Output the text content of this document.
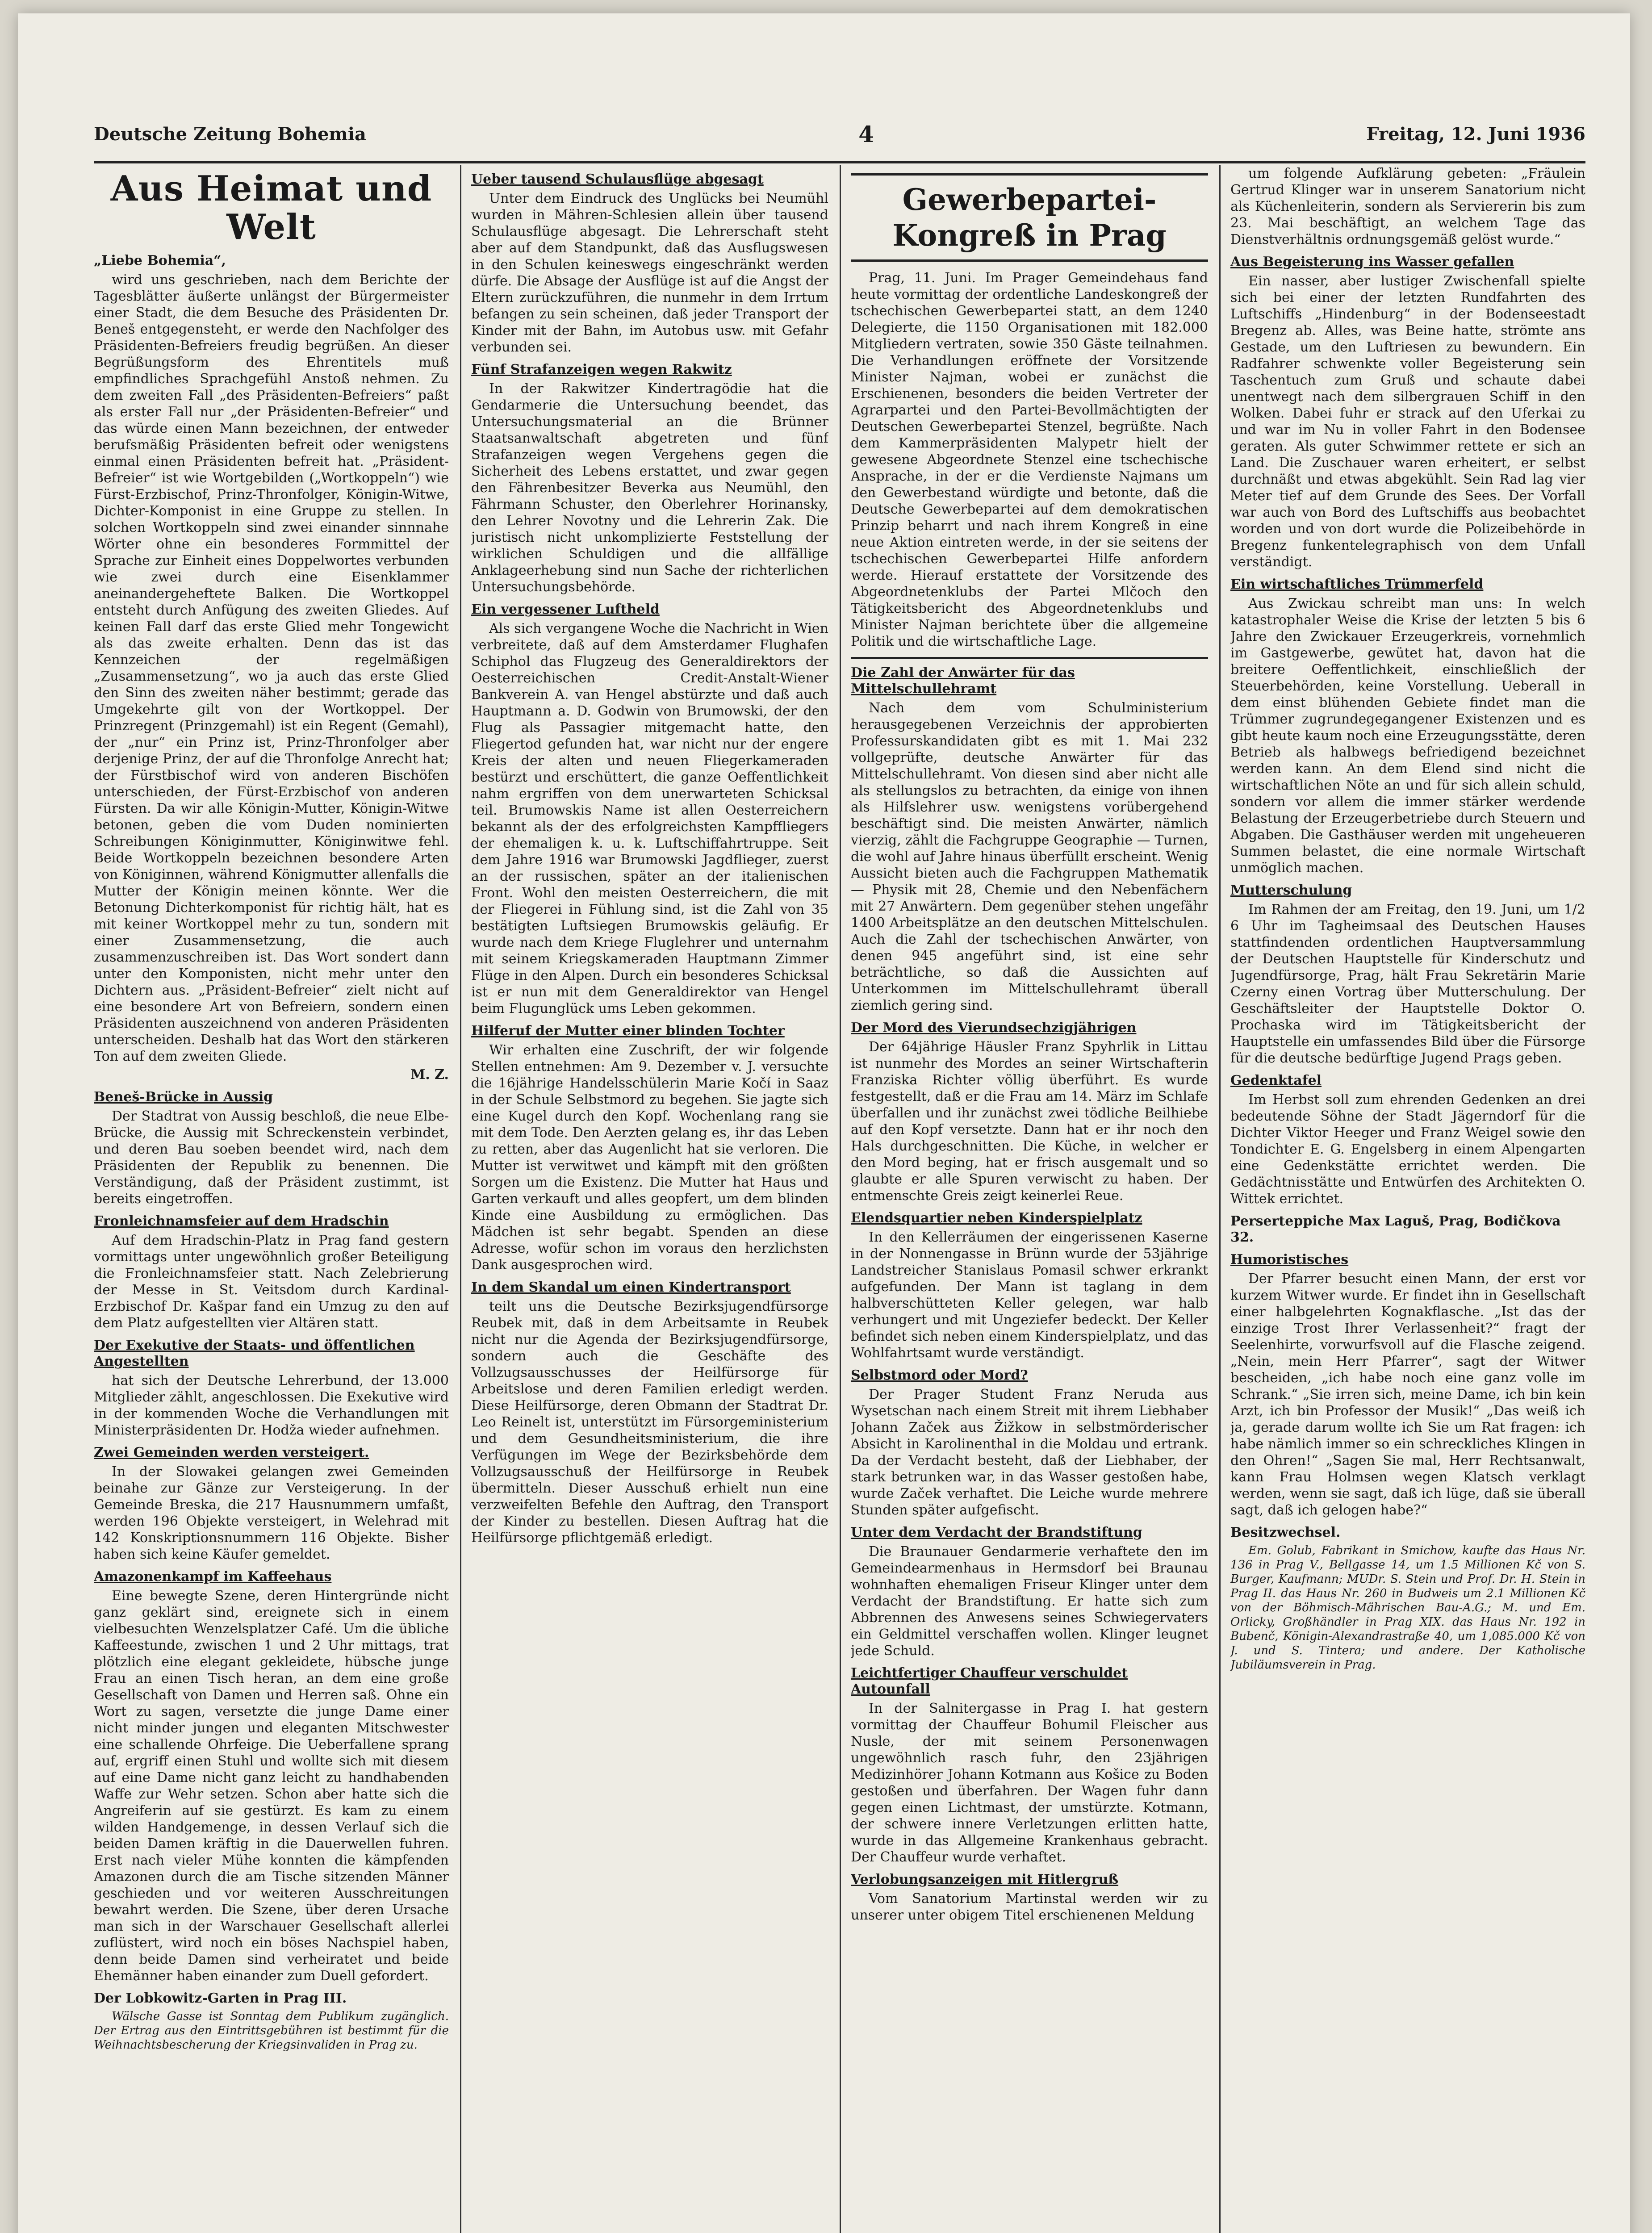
Deutsche Zeitung Bohemia	4	Freitag, 12. Juni 1936
Aus Heimat und Welt
„Liebe Bohemia“,

wird uns geschrieben, nach dem Berichte der Tagesblätter äußerte unlängst der Bürgermeister einer Stadt, die dem Besuche des Präsidenten Dr. Beneš entgegensteht, er werde den Nachfolger des Präsidenten-Befreiers freudig begrüßen. An dieser Begrüßungsform des Ehrentitels muß empfindliches Sprachgefühl Anstoß nehmen. Zu dem zweiten Fall „des Präsidenten-Befreiers“ paßt als erster Fall nur „der Präsidenten-Befreier“ und das würde einen Mann bezeichnen, der entweder berufsmäßig Präsidenten befreit oder wenigstens einmal einen Präsidenten befreit hat. „Präsident-Befreier“ ist wie Wortgebilden („Wortkoppeln“) wie Fürst-Erzbischof, Prinz-Thronfolger, Königin-Witwe, Dichter-Komponist in eine Gruppe zu stellen. In solchen Wortkoppeln sind zwei einander sinnnahe Wörter ohne ein besonderes Formmittel der Sprache zur Einheit eines Doppelwortes verbunden wie zwei durch eine Eisenklammer aneinandergeheftete Balken. Die Wortkoppel entsteht durch Anfügung des zweiten Gliedes. Auf keinen Fall darf das erste Glied mehr Tongewicht als das zweite erhalten. Denn das ist das Kennzeichen der regelmäßigen „Zusammensetzung“, wo ja auch das erste Glied den Sinn des zweiten näher bestimmt; gerade das Umgekehrte gilt von der Wortkoppel. Der Prinzregent (Prinzgemahl) ist ein Regent (Gemahl), der „nur“ ein Prinz ist, Prinz-Thronfolger aber derjenige Prinz, der auf die Thronfolge Anrecht hat; der Fürstbischof wird von anderen Bischöfen unterschieden, der Fürst-Erzbischof von anderen Fürsten. Da wir alle Königin-Mutter, Königin-Witwe betonen, geben die vom Duden nominierten Schreibungen Königinmutter, Königinwitwe fehl. Beide Wortkoppeln bezeichnen besondere Arten von Königinnen, während Königmutter allenfalls die Mutter der Königin meinen könnte. Wer die Betonung Dichterkomponist für richtig hält, hat es mit keiner Wortkoppel mehr zu tun, sondern mit einer Zusammensetzung, die auch zusammenzuschreiben ist. Das Wort sondert dann unter den Komponisten, nicht mehr unter den Dichtern aus. „Präsident-Befreier“ zielt nicht auf eine besondere Art von Befreiern, sondern einen Präsidenten auszeichnend von anderen Präsidenten unterscheiden. Deshalb hat das Wort den stärkeren Ton auf dem zweiten Gliede.

M. Z.
Beneš-Brücke in Aussig

Der Stadtrat von Aussig beschloß, die neue Elbe-Brücke, die Aussig mit Schreckenstein verbindet, und deren Bau soeben beendet wird, nach dem Präsidenten der Republik zu benennen. Die Verständigung, daß der Präsident zustimmt, ist bereits eingetroffen.

Fronleichnamsfeier auf dem Hradschin

Auf dem Hradschin-Platz in Prag fand gestern vormittags unter ungewöhnlich großer Beteiligung die Fronleichnamsfeier statt. Nach Zelebrierung der Messe in St. Veitsdom durch Kardinal-Erzbischof Dr. Kašpar fand ein Umzug zu den auf dem Platz aufgestellten vier Altären statt.

Der Exekutive der Staats- und öffentlichen Angestellten

hat sich der Deutsche Lehrerbund, der 13.000 Mitglieder zählt, angeschlossen. Die Exekutive wird in der kommenden Woche die Verhandlungen mit Ministerpräsidenten Dr. Hodža wieder aufnehmen.

Zwei Gemeinden werden versteigert.

In der Slowakei gelangen zwei Gemeinden beinahe zur Gänze zur Versteigerung. In der Gemeinde Breska, die 217 Hausnummern umfaßt, werden 196 Objekte versteigert, in Welehrad mit 142 Konskriptionsnummern 116 Objekte. Bisher haben sich keine Käufer gemeldet.

Amazonenkampf im Kaffeehaus

Eine bewegte Szene, deren Hintergründe nicht ganz geklärt sind, ereignete sich in einem vielbesuchten Wenzelsplatzer Café. Um die übliche Kaffeestunde, zwischen 1 und 2 Uhr mittags, trat plötzlich eine elegant gekleidete, hübsche junge Frau an einen Tisch heran, an dem eine große Gesellschaft von Damen und Herren saß. Ohne ein Wort zu sagen, versetzte die junge Dame einer nicht minder jungen und eleganten Mitschwester eine schallende Ohrfeige. Die Ueberfallene sprang auf, ergriff einen Stuhl und wollte sich mit diesem auf eine Dame nicht ganz leicht zu handhabenden Waffe zur Wehr setzen. Schon aber hatte sich die Angreiferin auf sie gestürzt. Es kam zu einem wilden Handgemenge, in dessen Verlauf sich die beiden Damen kräftig in die Dauerwellen fuhren. Erst nach vieler Mühe konnten die kämpfenden Amazonen durch die am Tische sitzenden Männer geschieden und vor weiteren Ausschreitungen bewahrt werden. Die Szene, über deren Ursache man sich in der Warschauer Gesellschaft allerlei zuflüstert, wird noch ein böses Nachspiel haben, denn beide Damen sind verheiratet und beide Ehemänner haben einander zum Duell gefordert.

Der Lobkowitz-Garten in Prag III.

Wälsche Gasse ist Sonntag dem Publikum zugänglich. Der Ertrag aus den Eintrittsgebühren ist bestimmt für die Weihnachtsbescherung der Kriegsinvaliden in Prag zu.

Ueber tausend Schulausflüge abgesagt

Unter dem Eindruck des Unglücks bei Neumühl wurden in Mähren-Schlesien allein über tausend Schulausflüge abgesagt. Die Lehrerschaft steht aber auf dem Standpunkt, daß das Ausflugswesen in den Schulen keineswegs eingeschränkt werden dürfe. Die Absage der Ausflüge ist auf die Angst der Eltern zurückzuführen, die nunmehr in dem Irrtum befangen zu sein scheinen, daß jeder Transport der Kinder mit der Bahn, im Autobus usw. mit Gefahr verbunden sei.

Fünf Strafanzeigen wegen Rakwitz

In der Rakwitzer Kindertragödie hat die Gendarmerie die Untersuchung beendet, das Untersuchungsmaterial an die Brünner Staatsanwaltschaft abgetreten und fünf Strafanzeigen wegen Vergehens gegen die Sicherheit des Lebens erstattet, und zwar gegen den Fährenbesitzer Beverka aus Neumühl, den Fährmann Schuster, den Oberlehrer Horinansky, den Lehrer Novotny und die Lehrerin Zak. Die juristisch nicht unkomplizierte Feststellung der wirklichen Schuldigen und die allfällige Anklageerhebung sind nun Sache der richterlichen Untersuchungsbehörde.

Ein vergessener Luftheld

Als sich vergangene Woche die Nachricht in Wien verbreitete, daß auf dem Amsterdamer Flughafen Schiphol das Flugzeug des Generaldirektors der Oesterreichischen Credit-Anstalt-Wiener Bankverein A. van Hengel abstürzte und daß auch Hauptmann a. D. Godwin von Brumowski, der den Flug als Passagier mitgemacht hatte, den Fliegertod gefunden hat, war nicht nur der engere Kreis der alten und neuen Fliegerkameraden bestürzt und erschüttert, die ganze Oeffentlichkeit nahm ergriffen von dem unerwarteten Schicksal teil. Brumowskis Name ist allen Oesterreichern bekannt als der des erfolgreichsten Kampffliegers der ehemaligen k. u. k. Luftschiffahrtruppe. Seit dem Jahre 1916 war Brumowski Jagdflieger, zuerst an der russischen, später an der italienischen Front. Wohl den meisten Oesterreichern, die mit der Fliegerei in Fühlung sind, ist die Zahl von 35 bestätigten Luftsiegen Brumowskis geläufig. Er wurde nach dem Kriege Fluglehrer und unternahm mit seinem Kriegskameraden Hauptmann Zimmer Flüge in den Alpen. Durch ein besonderes Schicksal ist er nun mit dem Generaldirektor van Hengel beim Flugunglück ums Leben gekommen.

Hilferuf der Mutter einer blinden Tochter

Wir erhalten eine Zuschrift, der wir folgende Stellen entnehmen: Am 9. Dezember v. J. versuchte die 16jährige Handelsschülerin Marie Kočí in Saaz in der Schule Selbstmord zu begehen. Sie jagte sich eine Kugel durch den Kopf. Wochenlang rang sie mit dem Tode. Den Aerzten gelang es, ihr das Leben zu retten, aber das Augenlicht hat sie verloren. Die Mutter ist verwitwet und kämpft mit den größten Sorgen um die Existenz. Die Mutter hat Haus und Garten verkauft und alles geopfert, um dem blinden Kinde eine Ausbildung zu ermöglichen. Das Mädchen ist sehr begabt. Spenden an diese Adresse, wofür schon im voraus den herzlichsten Dank ausgesprochen wird.

In dem Skandal um einen Kindertransport

teilt uns die Deutsche Bezirksjugendfürsorge Reubek mit, daß in dem Arbeitsamte in Reubek nicht nur die Agenda der Bezirksjugendfürsorge, sondern auch die Geschäfte des Vollzugsausschusses der Heilfürsorge für Arbeitslose und deren Familien erledigt werden. Diese Heilfürsorge, deren Obmann der Stadtrat Dr. Leo Reinelt ist, unterstützt im Fürsorgeministerium und dem Gesundheitsministerium, die ihre Verfügungen im Wege der Bezirksbehörde dem Vollzugsausschuß der Heilfürsorge in Reubek übermitteln. Dieser Ausschuß erhielt nun eine verzweifelten Befehle den Auftrag, den Transport der Kinder zu bestellen. Diesen Auftrag hat die Heilfürsorge pflichtgemäß erledigt.

Gewerbepartei-Kongreß in Prag

Prag, 11. Juni. Im Prager Gemeindehaus fand heute vormittag der ordentliche Landeskongreß der tschechischen Gewerbepartei statt, an dem 1240 Delegierte, die 1150 Organisationen mit 182.000 Mitgliedern vertraten, sowie 350 Gäste teilnahmen. Die Verhandlungen eröffnete der Vorsitzende Minister Najman, wobei er zunächst die Erschienenen, besonders die beiden Vertreter der Agrarpartei und den Partei-Bevollmächtigten der Deutschen Gewerbepartei Stenzel, begrüßte. Nach dem Kammerpräsidenten Malypetr hielt der gewesene Abgeordnete Stenzel eine tschechische Ansprache, in der er die Verdienste Najmans um den Gewerbestand würdigte und betonte, daß die Deutsche Gewerbepartei auf dem demokratischen Prinzip beharrt und nach ihrem Kongreß in eine neue Aktion eintreten werde, in der sie seitens der tschechischen Gewerbepartei Hilfe anfordern werde. Hierauf erstattete der Vorsitzende des Abgeordnetenklubs der Partei Mlčoch den Tätigkeitsbericht des Abgeordnetenklubs und Minister Najman berichtete über die allgemeine Politik und die wirtschaftliche Lage.

Die Zahl der Anwärter für das Mittelschullehramt

Nach dem vom Schulministerium herausgegebenen Verzeichnis der approbierten Professurskandidaten gibt es mit 1. Mai 232 vollgeprüfte, deutsche Anwärter für das Mittelschullehramt. Von diesen sind aber nicht alle als stellungslos zu betrachten, da einige von ihnen als Hilfslehrer usw. wenigstens vorübergehend beschäftigt sind. Die meisten Anwärter, nämlich vierzig, zählt die Fachgruppe Geographie — Turnen, die wohl auf Jahre hinaus überfüllt erscheint. Wenig Aussicht bieten auch die Fachgruppen Mathematik — Physik mit 28, Chemie und den Nebenfächern mit 27 Anwärtern. Dem gegenüber stehen ungefähr 1400 Arbeitsplätze an den deutschen Mittelschulen. Auch die Zahl der tschechischen Anwärter, von denen 945 angeführt sind, ist eine sehr beträchtliche, so daß die Aussichten auf Unterkommen im Mittelschullehramt überall ziemlich gering sind.

Der Mord des Vierundsechzigjährigen

Der 64jährige Häusler Franz Spyhrlik in Littau ist nunmehr des Mordes an seiner Wirtschafterin Franziska Richter völlig überführt. Es wurde festgestellt, daß er die Frau am 14. März im Schlafe überfallen und ihr zunächst zwei tödliche Beilhiebe auf den Kopf versetzte. Dann hat er ihr noch den Hals durchgeschnitten. Die Küche, in welcher er den Mord beging, hat er frisch ausgemalt und so glaubte er alle Spuren verwischt zu haben. Der entmenschte Greis zeigt keinerlei Reue.

Elendsquartier neben Kinderspielplatz

In den Kellerräumen der eingerissenen Kaserne in der Nonnengasse in Brünn wurde der 53jährige Landstreicher Stanislaus Pomasil schwer erkrankt aufgefunden. Der Mann ist taglang in dem halbverschütteten Keller gelegen, war halb verhungert und mit Ungeziefer bedeckt. Der Keller befindet sich neben einem Kinderspielplatz, und das Wohlfahrtsamt wurde verständigt.

Selbstmord oder Mord?

Der Prager Student Franz Neruda aus Wysetschan nach einem Streit mit ihrem Liebhaber Johann Začek aus Žižkow in selbstmörderischer Absicht in Karolinenthal in die Moldau und ertrank. Da der Verdacht besteht, daß der Liebhaber, der stark betrunken war, in das Wasser gestoßen habe, wurde Začek verhaftet. Die Leiche wurde mehrere Stunden später aufgefischt.

Unter dem Verdacht der Brandstiftung

Die Braunauer Gendarmerie verhaftete den im Gemeindearmenhaus in Hermsdorf bei Braunau wohnhaften ehemaligen Friseur Klinger unter dem Verdacht der Brandstiftung. Er hatte sich zum Abbrennen des Anwesens seines Schwiegervaters ein Geldmittel verschaffen wollen. Klinger leugnet jede Schuld.

Leichtfertiger Chauffeur verschuldet Autounfall

In der Salnitergasse in Prag I. hat gestern vormittag der Chauffeur Bohumil Fleischer aus Nusle, der mit seinem Personenwagen ungewöhnlich rasch fuhr, den 23jährigen Medizinhörer Johann Kotmann aus Košice zu Boden gestoßen und überfahren. Der Wagen fuhr dann gegen einen Lichtmast, der umstürzte. Kotmann, der schwere innere Verletzungen erlitten hatte, wurde in das Allgemeine Krankenhaus gebracht. Der Chauffeur wurde verhaftet.

Verlobungsanzeigen mit Hitlergruß

Vom Sanatorium Martinstal werden wir zu unserer unter obigem Titel erschienenen Meldung

um folgende Aufklärung gebeten: „Fräulein Gertrud Klinger war in unserem Sanatorium nicht als Küchenleiterin, sondern als Serviererin bis zum 23. Mai beschäftigt, an welchem Tage das Dienstverhältnis ordnungsgemäß gelöst wurde.“

Aus Begeisterung ins Wasser gefallen

Ein nasser, aber lustiger Zwischenfall spielte sich bei einer der letzten Rundfahrten des Luftschiffs „Hindenburg“ in der Bodenseestadt Bregenz ab. Alles, was Beine hatte, strömte ans Gestade, um den Luftriesen zu bewundern. Ein Radfahrer schwenkte voller Begeisterung sein Taschentuch zum Gruß und schaute dabei unentwegt nach dem silbergrauen Schiff in den Wolken. Dabei fuhr er strack auf den Uferkai zu und war im Nu in voller Fahrt in den Bodensee geraten. Als guter Schwimmer rettete er sich an Land. Die Zuschauer waren erheitert, er selbst durchnäßt und etwas abgekühlt. Sein Rad lag vier Meter tief auf dem Grunde des Sees. Der Vorfall war auch von Bord des Luftschiffs aus beobachtet worden und von dort wurde die Polizeibehörde in Bregenz funkentelegraphisch von dem Unfall verständigt.

Ein wirtschaftliches Trümmerfeld

Aus Zwickau schreibt man uns: In welch katastrophaler Weise die Krise der letzten 5 bis 6 Jahre den Zwickauer Erzeugerkreis, vornehmlich im Gastgewerbe, gewütet hat, davon hat die breitere Oeffentlichkeit, einschließlich der Steuerbehörden, keine Vorstellung. Ueberall in dem einst blühenden Gebiete findet man die Trümmer zugrundegegangener Existenzen und es gibt heute kaum noch eine Erzeugungsstätte, deren Betrieb als halbwegs befriedigend bezeichnet werden kann. An dem Elend sind nicht die wirtschaftlichen Nöte an und für sich allein schuld, sondern vor allem die immer stärker werdende Belastung der Erzeugerbetriebe durch Steuern und Abgaben. Die Gasthäuser werden mit ungeheueren Summen belastet, die eine normale Wirtschaft unmöglich machen.

Mutterschulung

Im Rahmen der am Freitag, den 19. Juni, um 1/2 6 Uhr im Tagheimsaal des Deutschen Hauses stattfindenden ordentlichen Hauptversammlung der Deutschen Hauptstelle für Kinderschutz und Jugendfürsorge, Prag, hält Frau Sekretärin Marie Czerny einen Vortrag über Mutterschulung. Der Geschäftsleiter der Hauptstelle Doktor O. Prochaska wird im Tätigkeitsbericht der Hauptstelle ein umfassendes Bild über die Fürsorge für die deutsche bedürftige Jugend Prags geben.

Gedenktafel

Im Herbst soll zum ehrenden Gedenken an drei bedeutende Söhne der Stadt Jägerndorf für die Dichter Viktor Heeger und Franz Weigel sowie den Tondichter E. G. Engelsberg in einem Alpengarten eine Gedenkstätte errichtet werden. Die Gedächtnisstätte und Entwürfen des Architekten O. Wittek errichtet.

Perserteppiche Max Laguš, Prag, Bodičkova 32.
Humoristisches

Der Pfarrer besucht einen Mann, der erst vor kurzem Witwer wurde. Er findet ihn in Gesellschaft einer halbgelehrten Kognakflasche. „Ist das der einzige Trost Ihrer Verlassenheit?“ fragt der Seelenhirte, vorwurfsvoll auf die Flasche zeigend. „Nein, mein Herr Pfarrer“, sagt der Witwer bescheiden, „ich habe noch eine ganz volle im Schrank.“ „Sie irren sich, meine Dame, ich bin kein Arzt, ich bin Professor der Musik!“ „Das weiß ich ja, gerade darum wollte ich Sie um Rat fragen: ich habe nämlich immer so ein schreckliches Klingen in den Ohren!“ „Sagen Sie mal, Herr Rechtsanwalt, kann Frau Holmsen wegen Klatsch verklagt werden, wenn sie sagt, daß ich lüge, daß sie überall sagt, daß ich gelogen habe?“

Besitzwechsel.

Em. Golub, Fabrikant in Smichow, kaufte das Haus Nr. 136 in Prag V., Bellgasse 14, um 1.5 Millionen Kč von S. Burger, Kaufmann; MUDr. S. Stein und Prof. Dr. H. Stein in Prag II. das Haus Nr. 260 in Budweis um 2.1 Millionen Kč von der Böhmisch-Mährischen Bau-A.G.; M. und Em. Orlicky, Großhändler in Prag XIX. das Haus Nr. 192 in Bubenč, Königin-Alexandrastraße 40, um 1,085.000 Kč von J. und S. Tintera; und andere. Der Katholische Jubiläumsverein in Prag.
